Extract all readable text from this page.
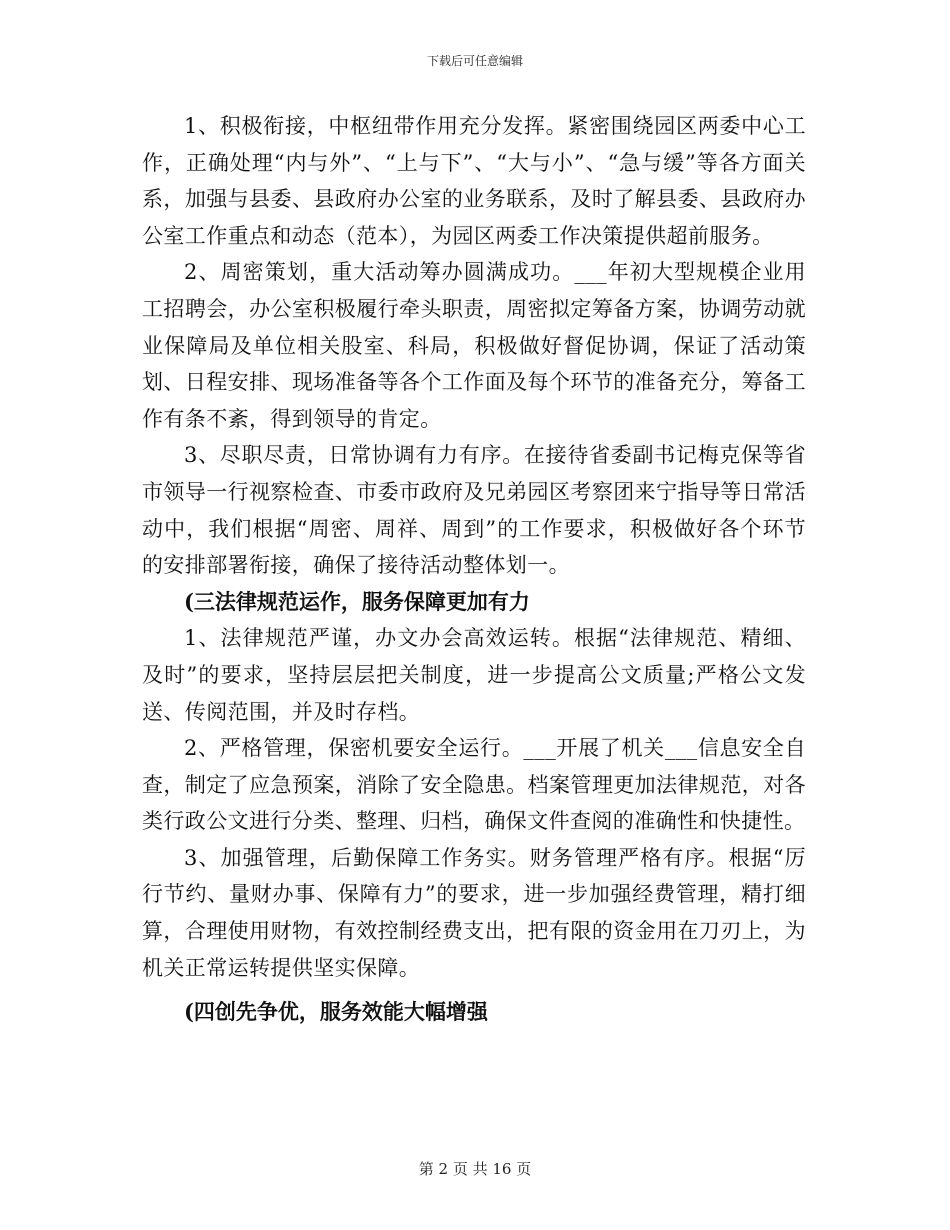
下载后可任意编辑

1、积极衔接，中枢纽带作用充分发挥。紧密围绕园区两委中心工作，正确处理“内与外”、“上与下”、“大与小”、“急与缓”等各方面关系，加强与县委、县政府办公室的业务联系，及时了解县委、县政府办公室工作重点和动态（范本），为园区两委工作决策提供超前服务。

2、周密策划，重大活动筹办圆满成功。___年初大型规模企业用工招聘会，办公室积极履行牵头职责，周密拟定筹备方案，协调劳动就业保障局及单位相关股室、科局，积极做好督促协调，保证了活动策划、日程安排、现场准备等各个工作面及每个环节的准备充分，筹备工作有条不紊，得到领导的肯定。

3、尽职尽责，日常协调有力有序。在接待省委副书记梅克保等省市领导一行视察检查、市委市政府及兄弟园区考察团来宁指导等日常活动中，我们根据“周密、周祥、周到”的工作要求，积极做好各个环节的安排部署衔接，确保了接待活动整体划一。

(三法律规范运作，服务保障更加有力

1、法律规范严谨，办文办会高效运转。根据“法律规范、精细、及时”的要求，坚持层层把关制度，进一步提高公文质量;严格公文发送、传阅范围，并及时存档。

2、严格管理，保密机要安全运行。___开展了机关___信息安全自查，制定了应急预案，消除了安全隐患。档案管理更加法律规范，对各类行政公文进行分类、整理、归档，确保文件查阅的准确性和快捷性。

3、加强管理，后勤保障工作务实。财务管理严格有序。根据“厉行节约、量财办事、保障有力”的要求，进一步加强经费管理，精打细算，合理使用财物，有效控制经费支出，把有限的资金用在刀刃上，为机关正常运转提供坚实保障。

(四创先争优，服务效能大幅增强

第 2 页 共 16 页
